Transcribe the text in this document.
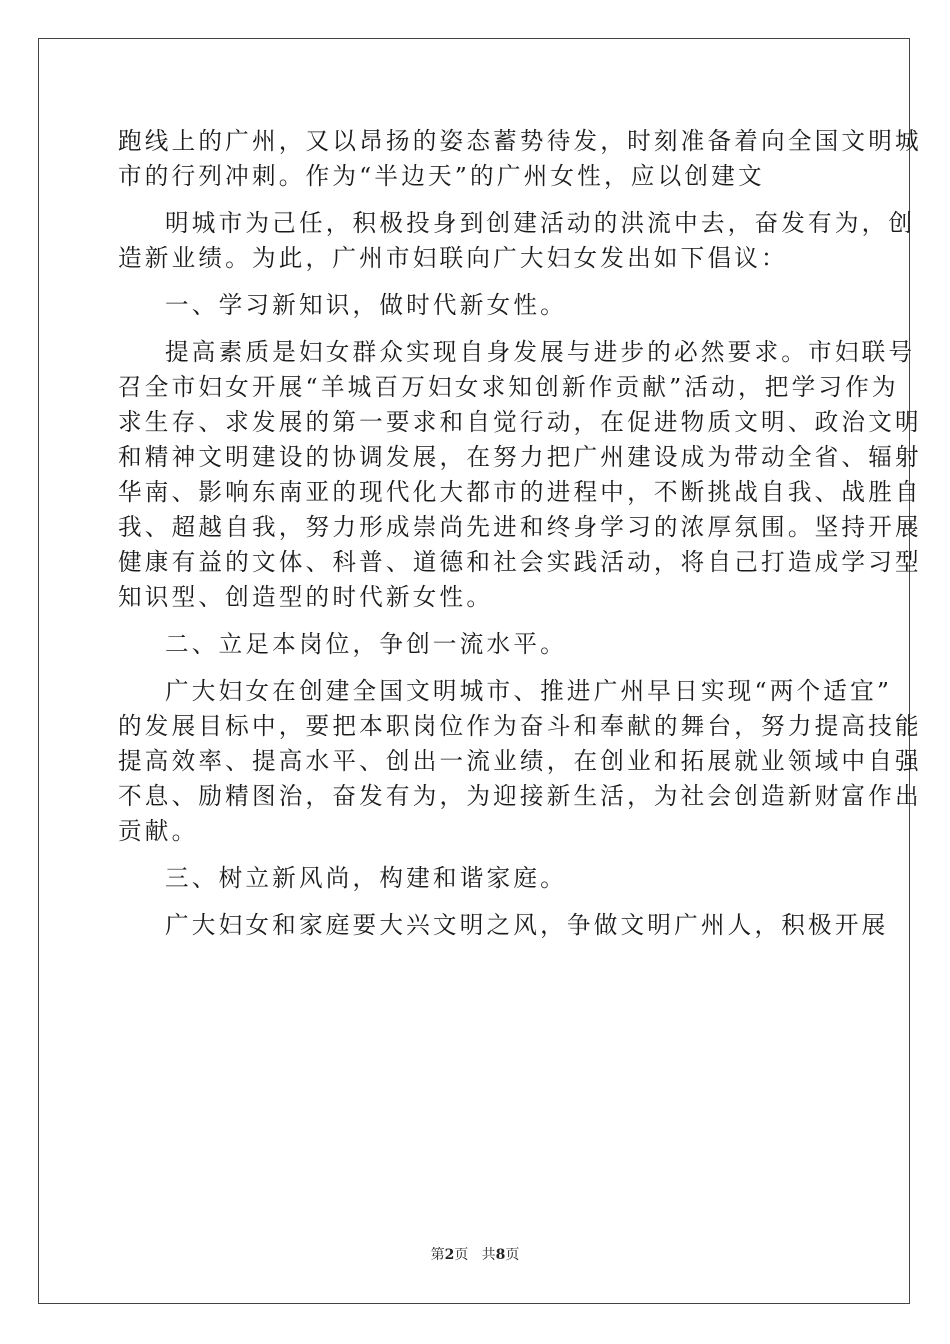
跑线上的广州，又以昂扬的姿态蓄势待发，时刻准备着向全国文明城
市的行列冲刺。作为“半边天”的广州女性，应以创建文
明城市为己任，积极投身到创建活动的洪流中去，奋发有为，创
造新业绩。为此，广州市妇联向广大妇女发出如下倡议：
一、学习新知识，做时代新女性。
提高素质是妇女群众实现自身发展与进步的必然要求。市妇联号
召全市妇女开展“羊城百万妇女求知创新作贡献”活动，把学习作为
求生存、求发展的第一要求和自觉行动，在促进物质文明、政治文明
和精神文明建设的协调发展，在努力把广州建设成为带动全省、辐射
华南、影响东南亚的现代化大都市的进程中，不断挑战自我、战胜自
我、超越自我，努力形成崇尚先进和终身学习的浓厚氛围。坚持开展
健康有益的文体、科普、道德和社会实践活动，将自己打造成学习型
知识型、创造型的时代新女性。
二、立足本岗位，争创一流水平。
广大妇女在创建全国文明城市、推进广州早日实现“两个适宜”
的发展目标中，要把本职岗位作为奋斗和奉献的舞台，努力提高技能
提高效率、提高水平、创出一流业绩，在创业和拓展就业领域中自强
不息、励精图治，奋发有为，为迎接新生活，为社会创造新财富作出
贡献。
三、树立新风尚，构建和谐家庭。
广大妇女和家庭要大兴文明之风，争做文明广州人，积极开展
第2页 共8页
